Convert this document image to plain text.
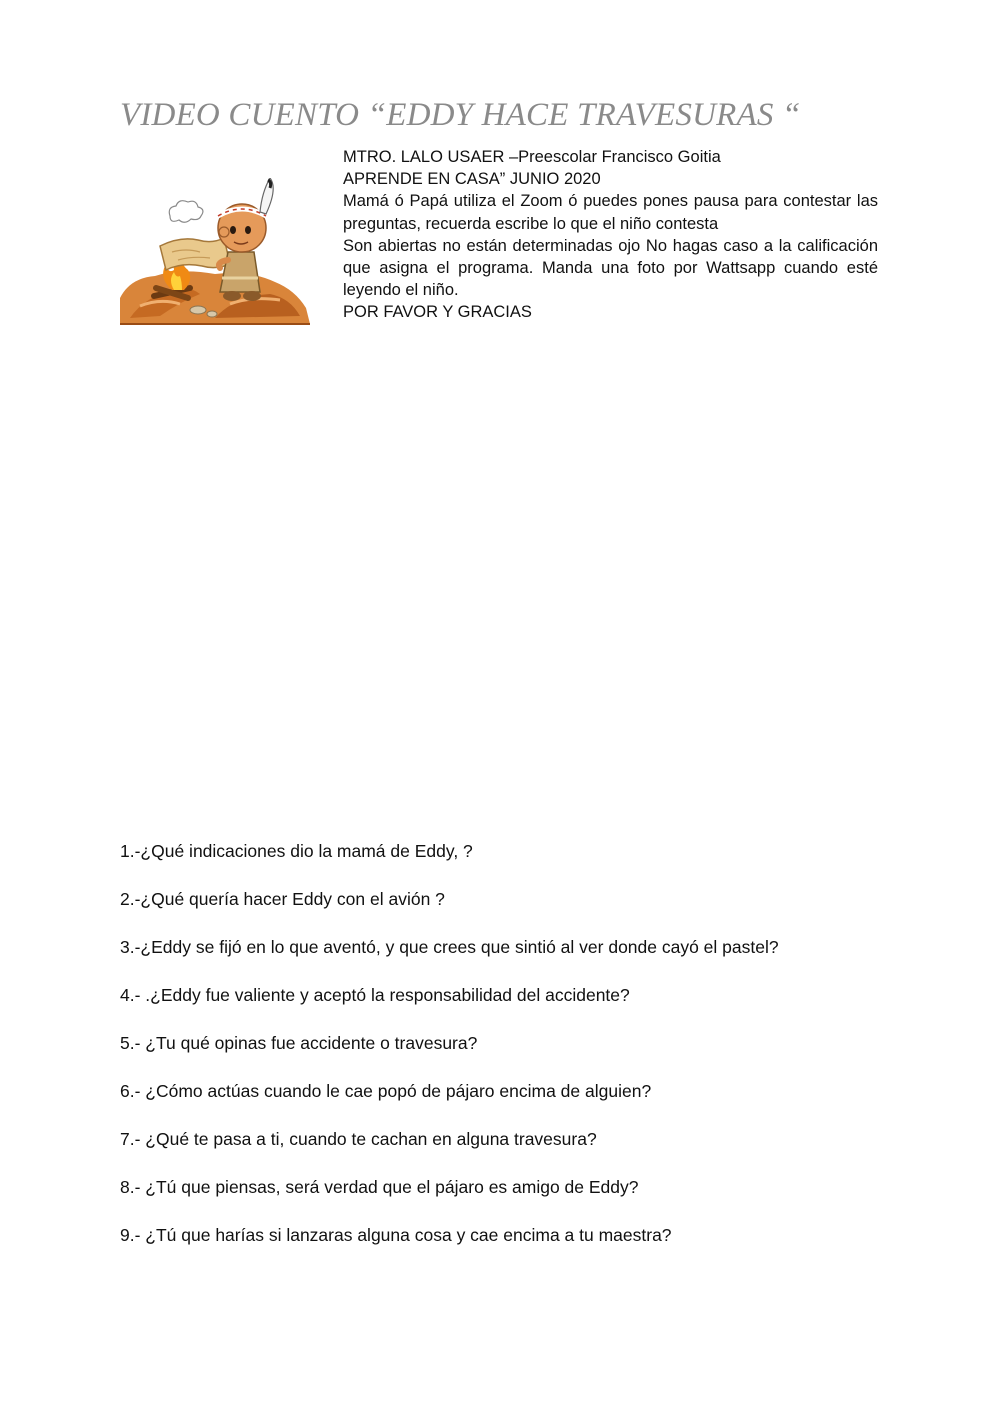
VIDEO CUENTO “EDDY HACE TRAVESURAS “
MTRO. LALO USAER –Preescolar Francisco Goitia
APRENDE EN CASA” JUNIO 2020
Mamá ó Papá utiliza el Zoom ó puedes pones pausa para contestar las preguntas, recuerda escribe lo que el niño contesta
Son abiertas no están determinadas ojo No hagas caso a la calificación que asigna el programa. Manda una foto por Wattsapp cuando esté leyendo el niño.
POR FAVOR Y GRACIAS

1.-¿Qué indicaciones dio la mamá de Eddy, ?

2.-¿Qué quería hacer Eddy con el avión ?

3.-¿Eddy se fijó en lo que aventó, y que crees que sintió al ver donde cayó el pastel?

4.- .¿Eddy fue valiente y aceptó la responsabilidad del accidente?

5.- ¿Tu qué opinas fue accidente o travesura?

6.- ¿Cómo actúas cuando le cae popó de pájaro encima de alguien?

7.- ¿Qué te pasa a ti, cuando te cachan en alguna travesura?

8.- ¿Tú que piensas, será verdad que el pájaro es amigo de Eddy?

9.- ¿Tú que harías si lanzaras alguna cosa y cae encima a tu maestra?
